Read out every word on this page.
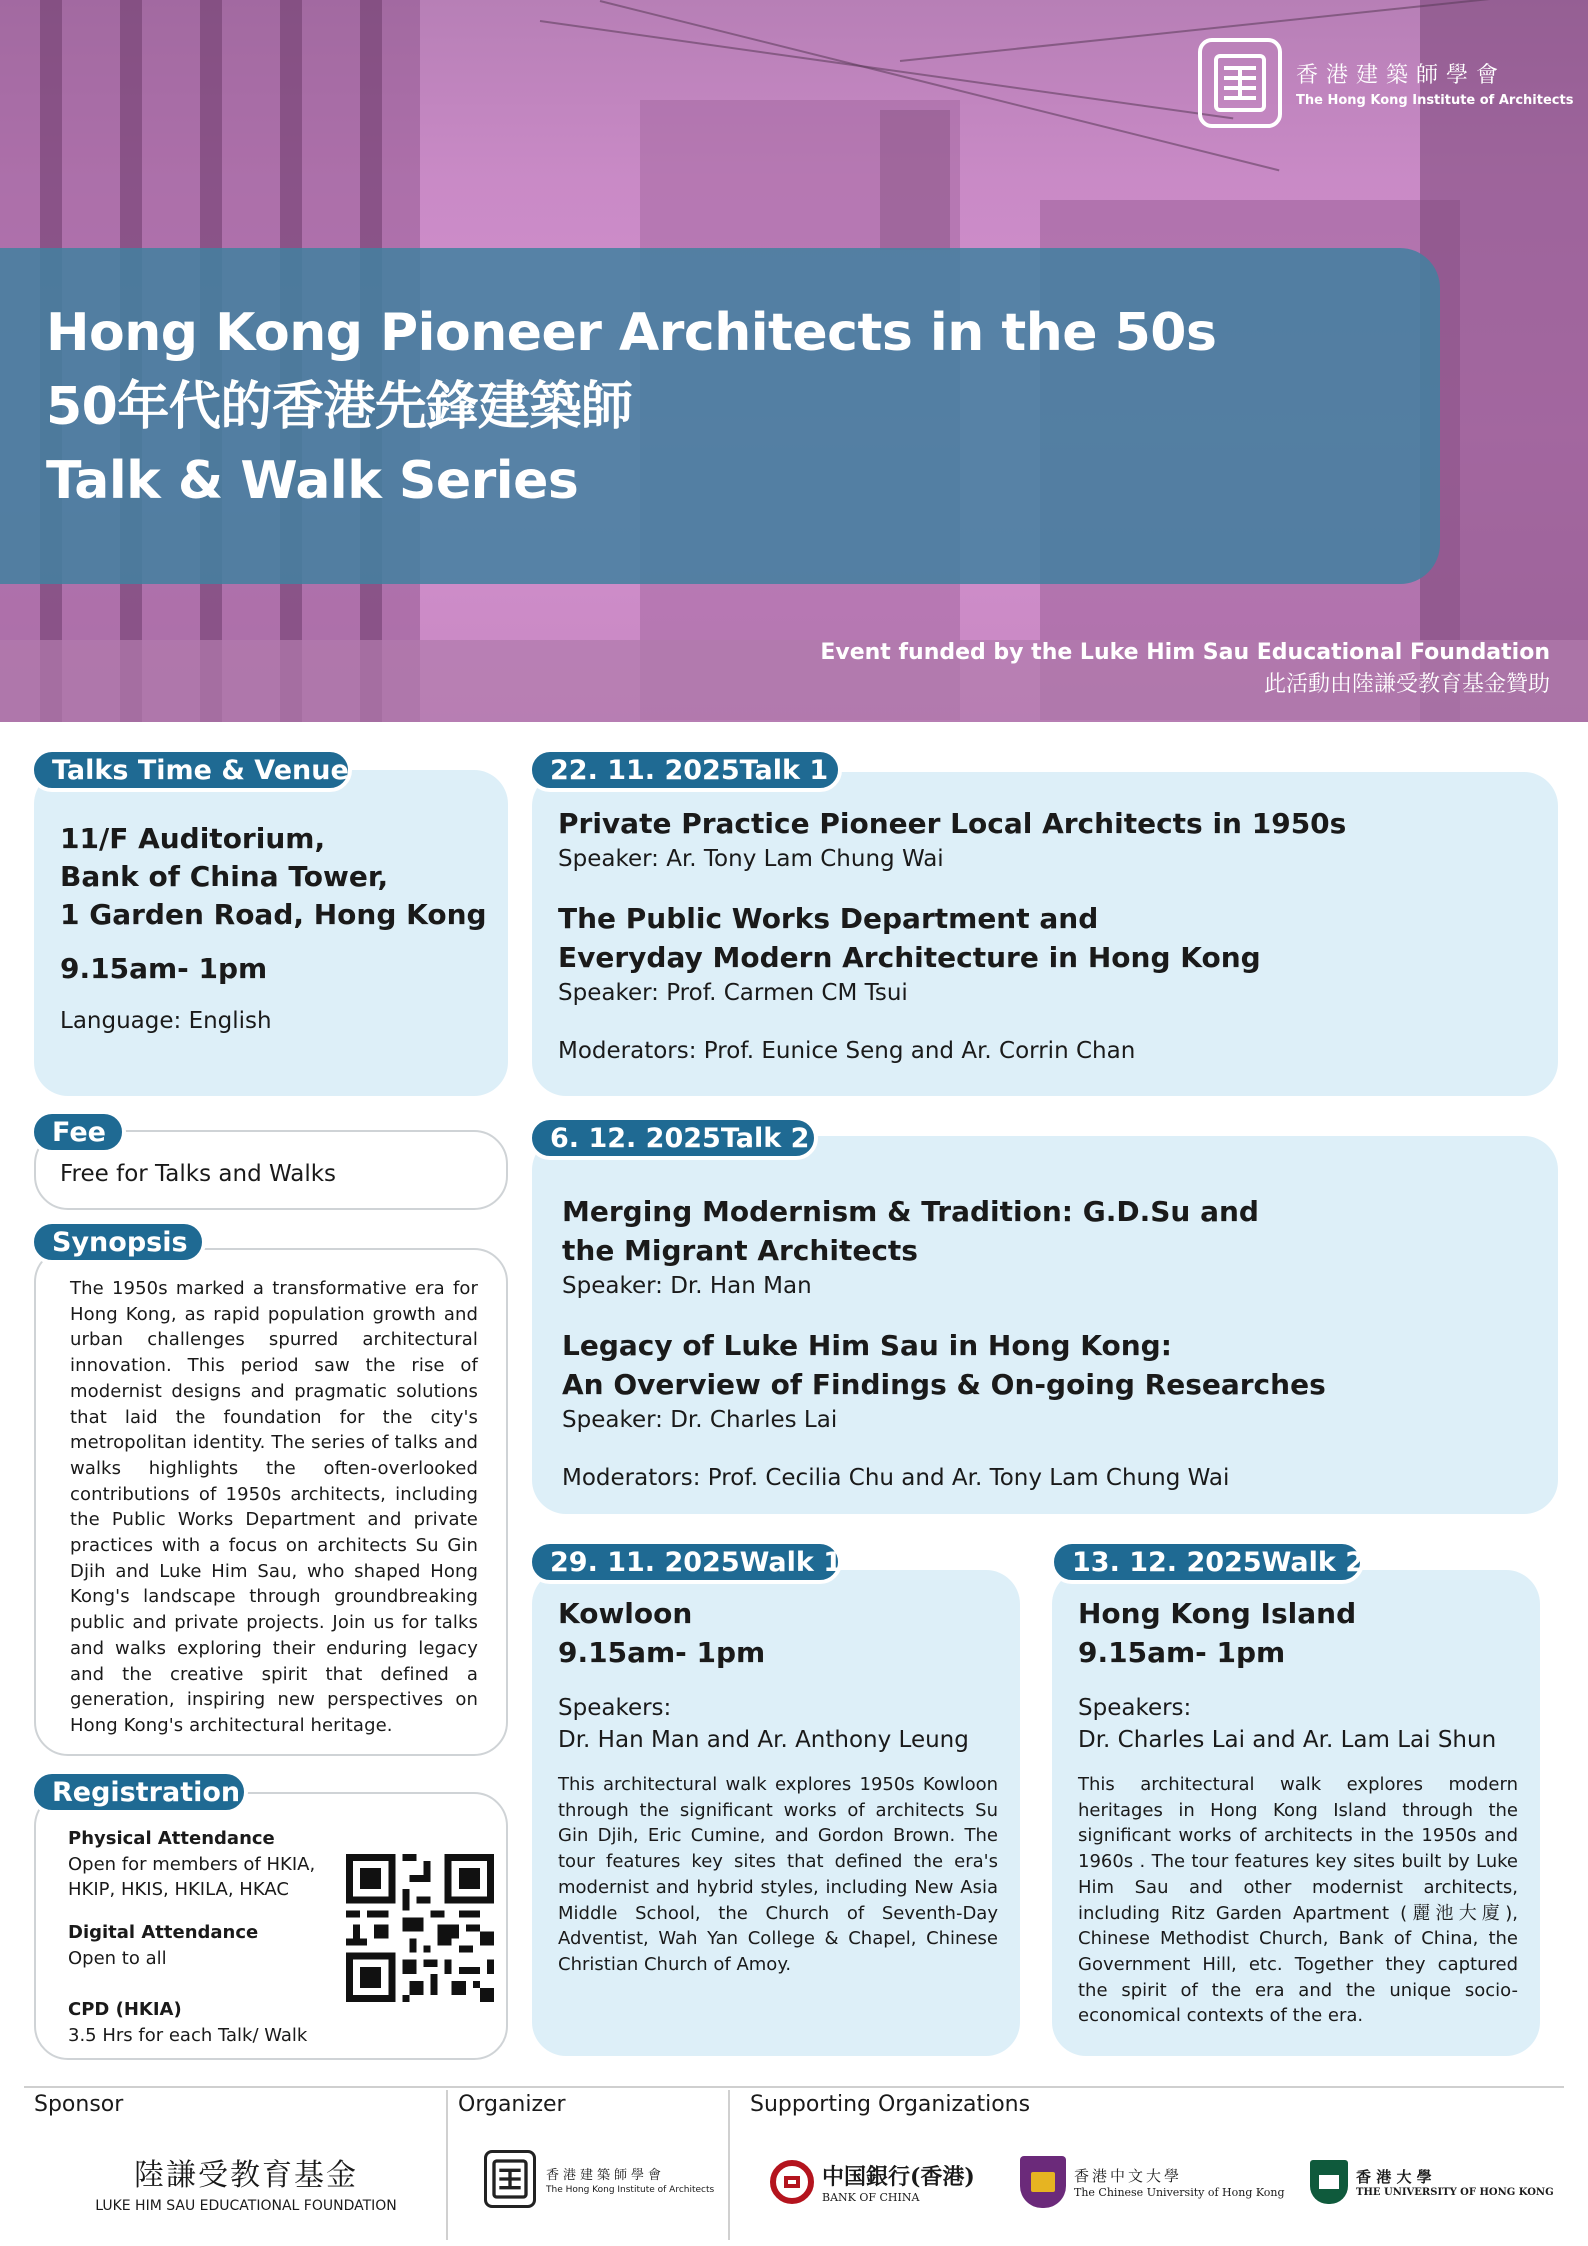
Hong Kong Pioneer Architects in the 50s
50年代的香港先鋒建築師
Talk & Walk Series
香港建築師學會
The Hong Kong Institute of Architects
Event funded by the Luke Him Sau Educational Foundation
此活動由陸謙受教育基金贊助
11/F Auditorium,
Bank of China Tower,
1 Garden Road, Hong Kong
9.15am- 1pm
Language: English
Talks Time & Venue
Free for Talks and Walks
Fee
The 1950s marked a transformative era for Hong Kong, as rapid population growth and urban challenges spurred architectural innovation. This period saw the rise of modernist designs and pragmatic solutions that laid the foundation for the city's metropolitan identity. The series of talks and walks highlights the often-overlooked contributions of 1950s architects, including the Public Works Department and private practices with a focus on architects Su Gin Djih and Luke Him Sau, who shaped Hong Kong's landscape through groundbreaking public and private projects. Join us for talks and walks exploring their enduring legacy and the creative spirit that defined a generation, inspiring new perspectives on Hong Kong's architectural heritage.
Synopsis
Physical Attendance
Open for members of HKIA,
HKIP, HKIS, HKILA, HKAC
Digital Attendance
Open to all
CPD (HKIA)
3.5 Hrs for each Talk/ Walk
Registration
Private Practice Pioneer Local Architects in 1950s
Speaker: Ar. Tony Lam Chung Wai
The Public Works Department and
Everyday Modern Architecture in Hong Kong
Speaker: Prof. Carmen CM Tsui
Moderators: Prof. Eunice Seng and Ar. Corrin Chan
22. 11. 2025 Talk 1
Merging Modernism & Tradition: G.D.Su and
the Migrant Architects
Speaker: Dr. Han Man
Legacy of Luke Him Sau in Hong Kong:
An Overview of Findings & On-going Researches
Speaker: Dr. Charles Lai
Moderators: Prof. Cecilia Chu and Ar. Tony Lam Chung Wai
6. 12. 2025 Talk 2
Kowloon
9.15am- 1pm
Speakers:
Dr. Han Man and Ar. Anthony Leung
This architectural walk explores 1950s Kowloon through the significant works of architects Su Gin Djih, Eric Cumine, and Gordon Brown. The tour features key sites that defined the era's modernist and hybrid styles, including New Asia Middle School, the Church of Seventh-Day Adventist, Wah Yan College & Chapel, Chinese Christian Church of Amoy.
29. 11. 2025 Walk 1
Hong Kong Island
9.15am- 1pm
Speakers:
Dr. Charles Lai and Ar. Lam Lai Shun
This architectural walk explores modern heritages in Hong Kong Island through the significant works of architects in the 1950s and 1960s . The tour features key sites built by Luke Him Sau and other modernist architects, including Ritz Garden Apartment (麗池大廈), Chinese Methodist Church, Bank of China, the Government Hill, etc. Together they captured the spirit of the era and the unique socio-economical contexts of the era.
13. 12. 2025 Walk 2
Sponsor	Organizer	Supporting Organizations
陸謙受教育基金
LUKE HIM SAU EDUCATIONAL FOUNDATION
香港建築師學會
The Hong Kong Institute of Architects	中国銀行(香港)
BANK OF CHINA
香港中文大學
The Chinese University of Hong Kong
香 港 大 學
THE UNIVERSITY OF HONG KONG
